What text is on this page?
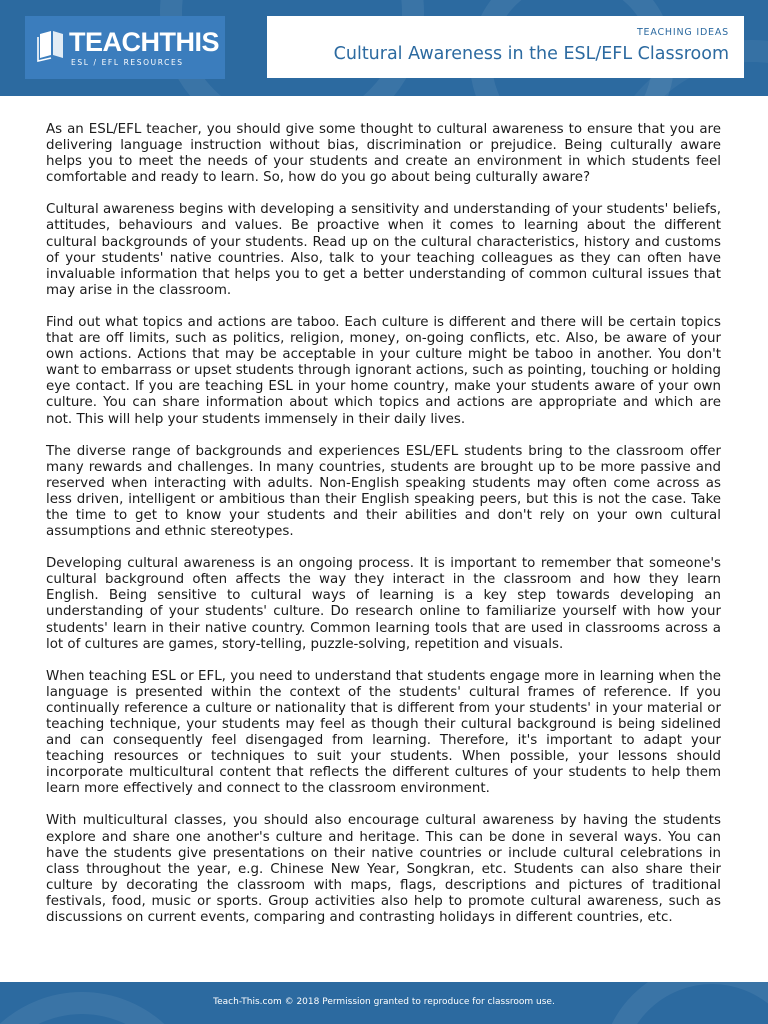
TEACHTHIS
ESL / EFL RESOURCES
TEACHING IDEAS
Cultural Awareness in the ESL/EFL Classroom

As an ESL/EFL teacher, you should give some thought to cultural awareness to ensure that you are delivering language instruction without bias, discrimination or prejudice. Being culturally aware helps you to meet the needs of your students and create an environment in which students feel comfortable and ready to learn. So, how do you go about being culturally aware?

Cultural awareness begins with developing a sensitivity and understanding of your students' beliefs, attitudes, behaviours and values. Be proactive when it comes to learning about the different cultural backgrounds of your students. Read up on the cultural characteristics, history and customs of your students' native countries. Also, talk to your teaching colleagues as they can often have invaluable information that helps you to get a better understanding of common cultural issues that may arise in the classroom.

Find out what topics and actions are taboo. Each culture is different and there will be certain topics that are off limits, such as politics, religion, money, on-going conflicts, etc. Also, be aware of your own actions. Actions that may be acceptable in your culture might be taboo in another. You don't want to embarrass or upset students through ignorant actions, such as pointing, touching or holding eye contact. If you are teaching ESL in your home country, make your students aware of your own culture. You can share information about which topics and actions are appropriate and which are not. This will help your students immensely in their daily lives.

The diverse range of backgrounds and experiences ESL/EFL students bring to the classroom offer many rewards and challenges. In many countries, students are brought up to be more passive and reserved when interacting with adults. Non-English speaking students may often come across as less driven, intelligent or ambitious than their English speaking peers, but this is not the case. Take the time to get to know your students and their abilities and don't rely on your own cultural assumptions and ethnic stereotypes.

Developing cultural awareness is an ongoing process. It is important to remember that someone's cultural background often affects the way they interact in the classroom and how they learn English. Being sensitive to cultural ways of learning is a key step towards developing an understanding of your students' culture. Do research online to familiarize yourself with how your students' learn in their native country. Common learning tools that are used in classrooms across a lot of cultures are games, story-telling, puzzle-solving, repetition and visuals.

When teaching ESL or EFL, you need to understand that students engage more in learning when the language is presented within the context of the students' cultural frames of reference. If you continually reference a culture or nationality that is different from your students' in your material or teaching technique, your students may feel as though their cultural background is being sidelined and can consequently feel disengaged from learning. Therefore, it's important to adapt your teaching resources or techniques to suit your students. When possible, your lessons should incorporate multicultural content that reflects the different cultures of your students to help them learn more effectively and connect to the classroom environment.

With multicultural classes, you should also encourage cultural awareness by having the students explore and share one another's culture and heritage. This can be done in several ways. You can have the students give presentations on their native countries or include cultural celebrations in class throughout the year, e.g. Chinese New Year, Songkran, etc. Students can also share their culture by decorating the classroom with maps, flags, descriptions and pictures of traditional festivals, food, music or sports. Group activities also help to promote cultural awareness, such as discussions on current events, comparing and contrasting holidays in different countries, etc.

Teach-This.com © 2018 Permission granted to reproduce for classroom use.
